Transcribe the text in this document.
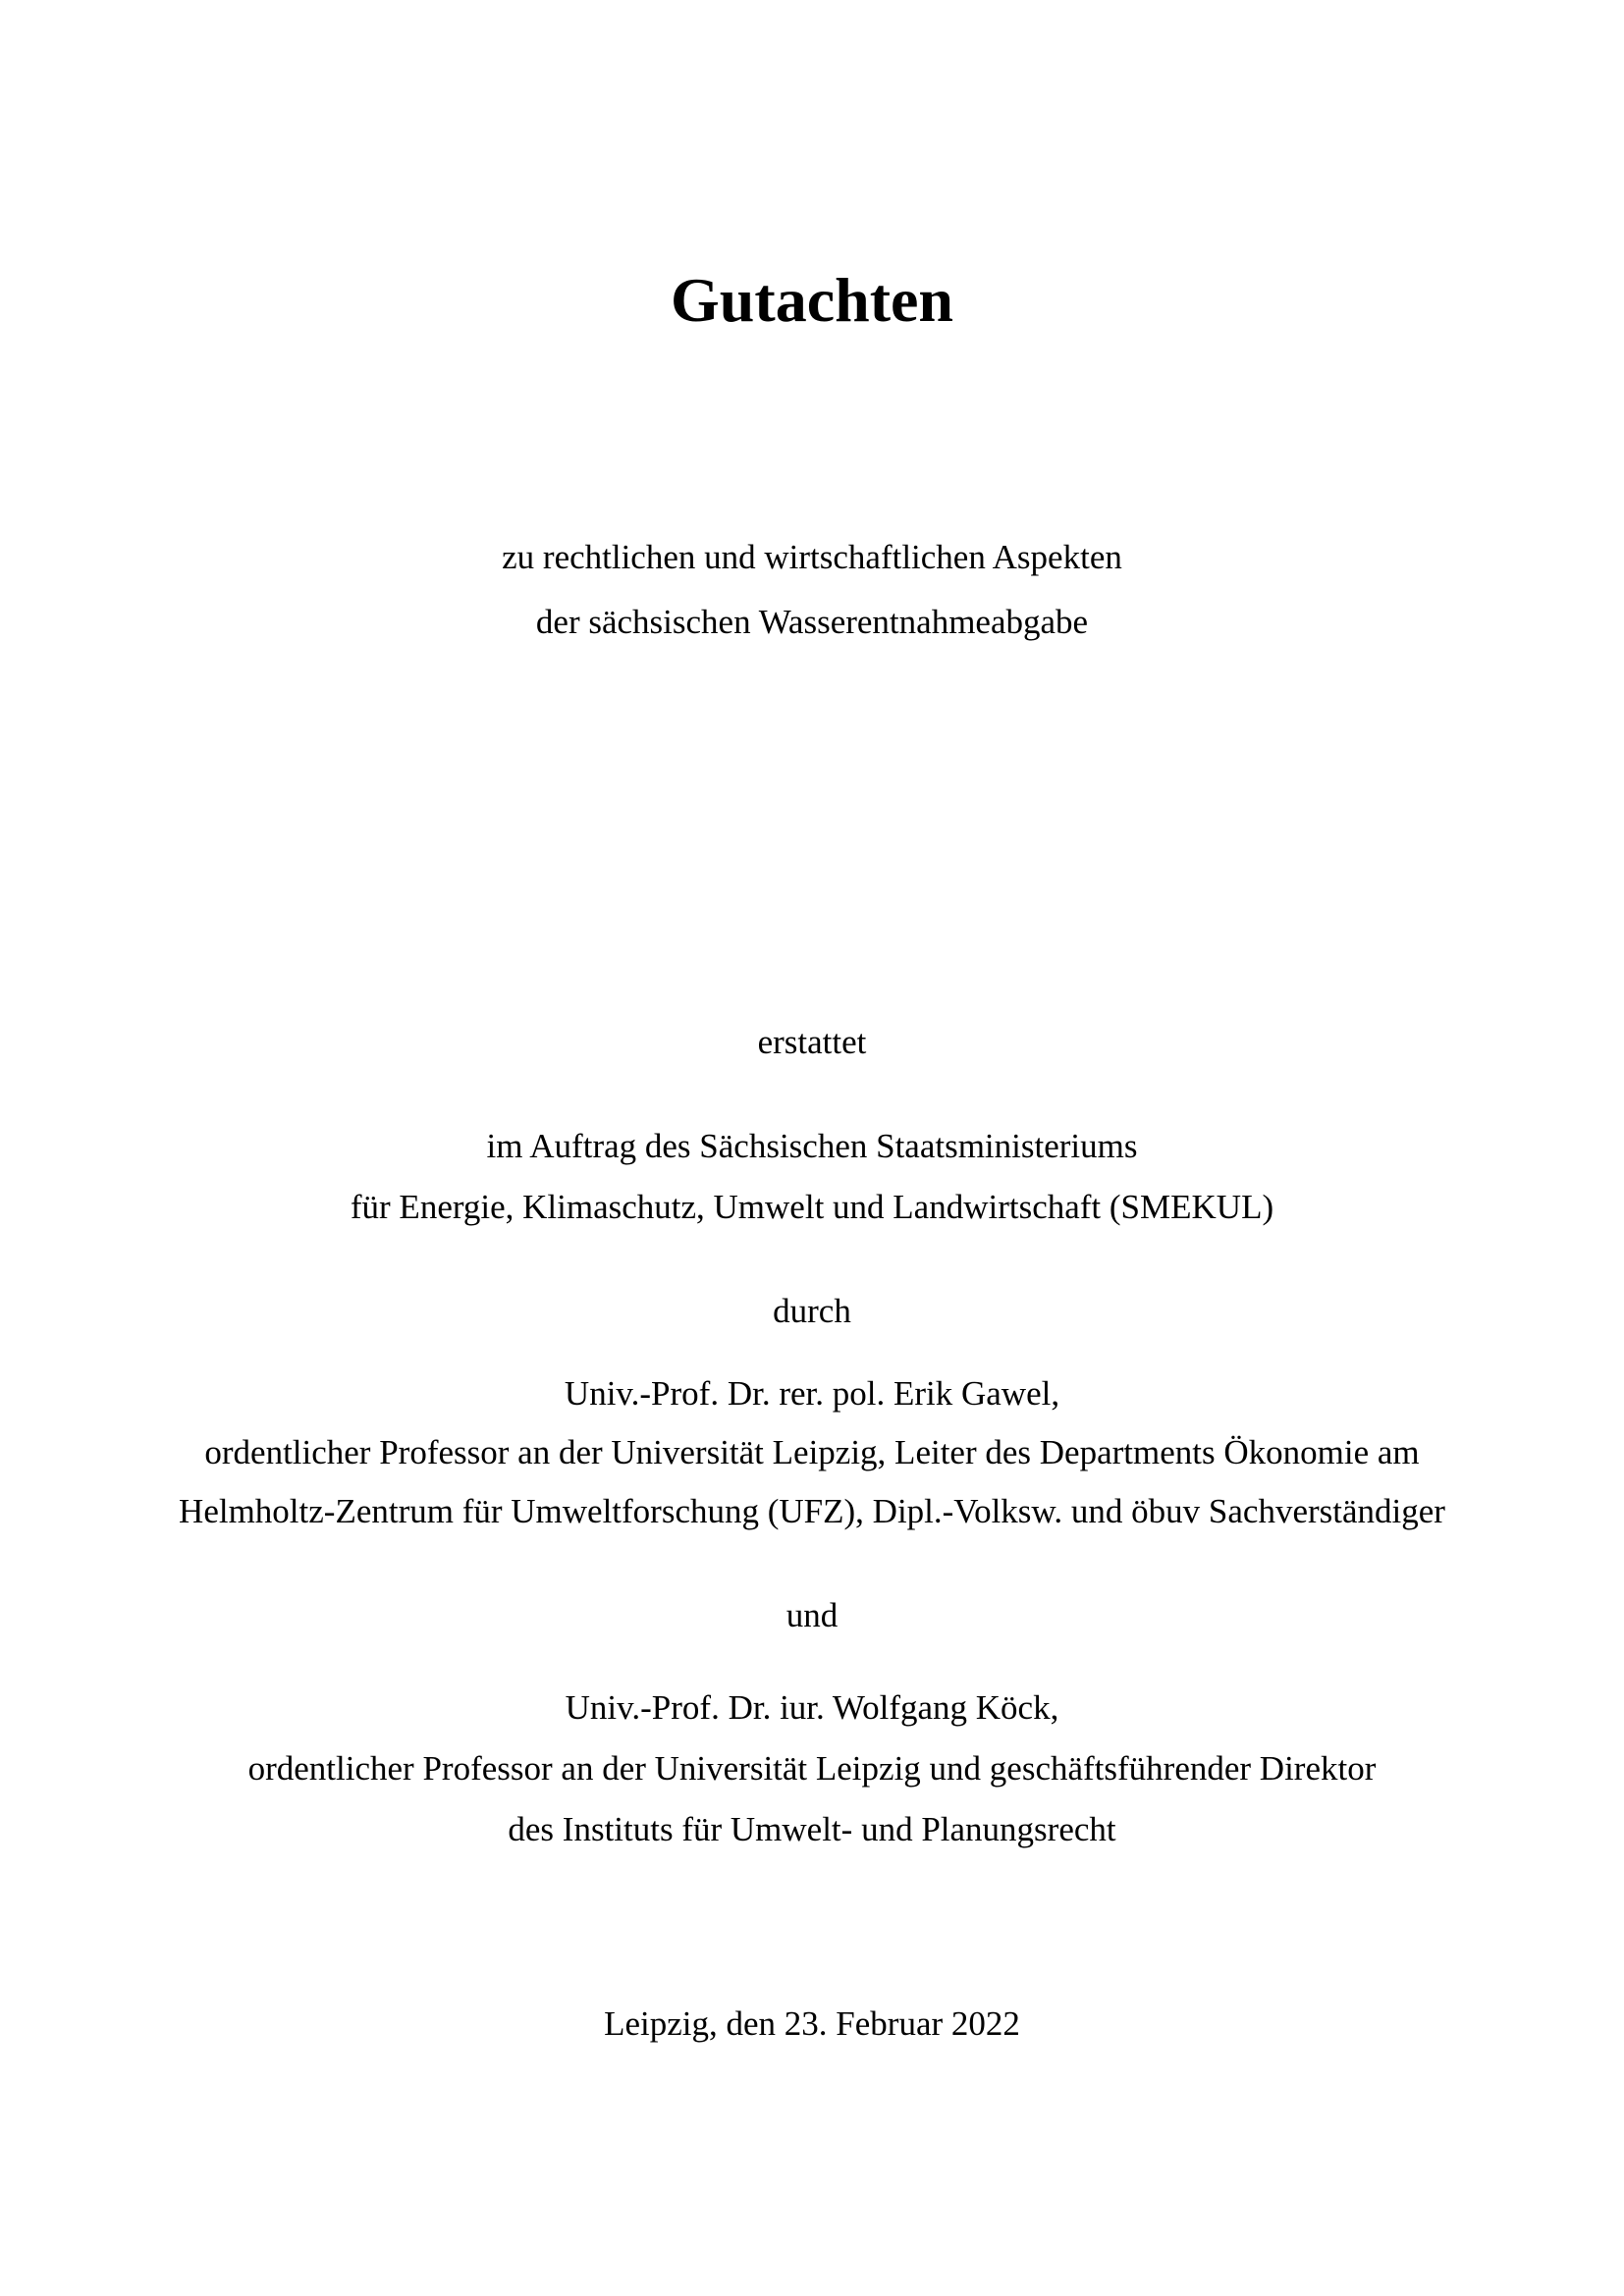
Gutachten
zu rechtlichen und wirtschaftlichen Aspekten
der sächsischen Wasserentnahmeabgabe
erstattet
im Auftrag des Sächsischen Staatsministeriums
für Energie, Klimaschutz, Umwelt und Landwirtschaft (SMEKUL)
durch
Univ.-Prof. Dr. rer. pol. Erik Gawel,
ordentlicher Professor an der Universität Leipzig, Leiter des Departments Ökonomie am
Helmholtz-Zentrum für Umweltforschung (UFZ), Dipl.-Volksw. und öbuv Sachverständiger
und
Univ.-Prof. Dr. iur. Wolfgang Köck,
ordentlicher Professor an der Universität Leipzig und geschäftsführender Direktor
des Instituts für Umwelt- und Planungsrecht
Leipzig, den 23. Februar 2022
